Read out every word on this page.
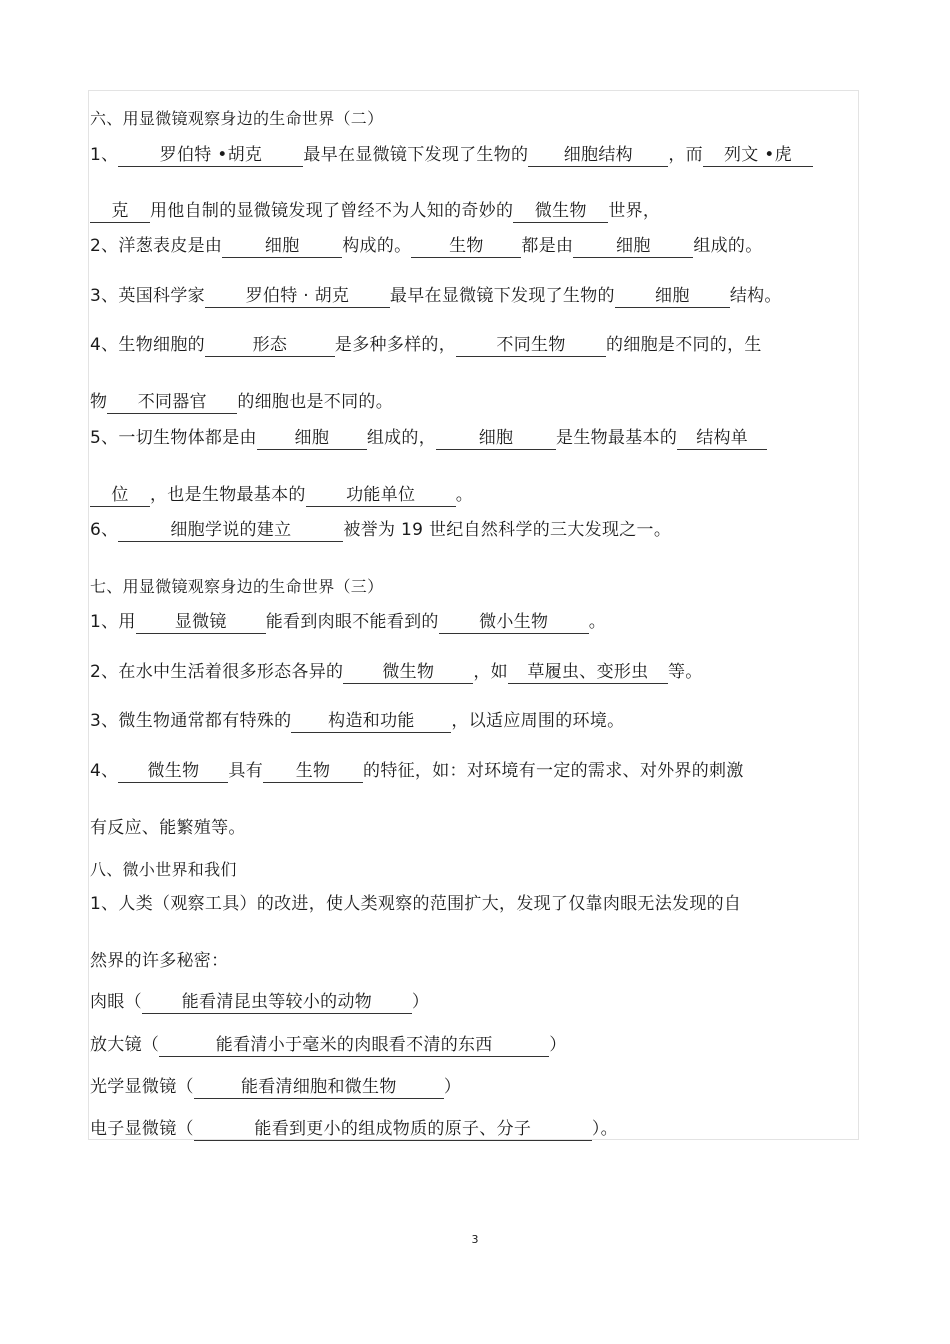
六、用显微镜观察身边的生命世界（二）
1、 罗伯特 •胡克 最早在显微镜下发现了生物的 细胞结构 ，而 列文 •虎
克 用他自制的显微镜发现了曾经不为人知的奇妙的 微生物 世界，
2、洋葱表皮是由	细胞	构成的。 生物 都是由	细胞	组成的。
3、英国科学家 罗伯特 · 胡克 最早在显微镜下发现了生物的 细胞 结构。
4、生物细胞的	形态	是多种多样的， 不同生物 的细胞是不同的，生
物 不同器官 的细胞也是不同的。
5、一切生物体都是由 细胞 组成的，	细胞	是生物最基本的 结构单
位 ，也是生物最基本的 功能单位 。
6、	细胞学说的建立	被誉为 19 世纪自然科学的三大发现之一。
七、用显微镜观察身边的生命世界（三）
1、用 显微镜 能看到肉眼不能看到的 微小生物 。
2、在水中生活着很多形态各异的 微生物 ，如 草履虫、变形虫 等。
3、微生物通常都有特殊的 构造和功能 ，以适应周围的环境。
4、 微生物 具有 生物 的特征，如：对环境有一定的需求、对外界的刺激
有反应、能繁殖等。
八、微小世界和我们
1、人类（观察工具）的改进，使人类观察的范围扩大，发现了仅靠肉眼无法发现的自
然界的许多秘密：
肉眼（ 能看清昆虫等较小的动物 ）
放大镜（	能看清小于毫米的肉眼看不清的东西	）
光学显微镜（	能看清细胞和微生物	）
电子显微镜（	能看到更小的组成物质的原子、分子	）。
3
